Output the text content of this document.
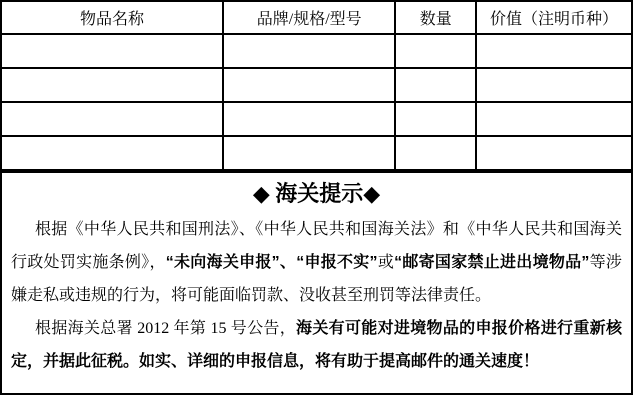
物品名称	品牌/规格/型号	数量	价值（注明币种）

◆ 海关提示◆

根据《中华人民共和国刑法》、《中华人民共和国海关法》和《中华人民共和国海关行政处罚实施条例》，“未向海关申报”、“申报不实”或“邮寄国家禁止进出境物品”等涉嫌走私或违规的行为，将可能面临罚款、没收甚至刑罚等法律责任。

根据海关总署 2012 年第 15 号公告，海关有可能对进境物品的申报价格进行重新核定，并据此征税。如实、详细的申报信息，将有助于提高邮件的通关速度！
